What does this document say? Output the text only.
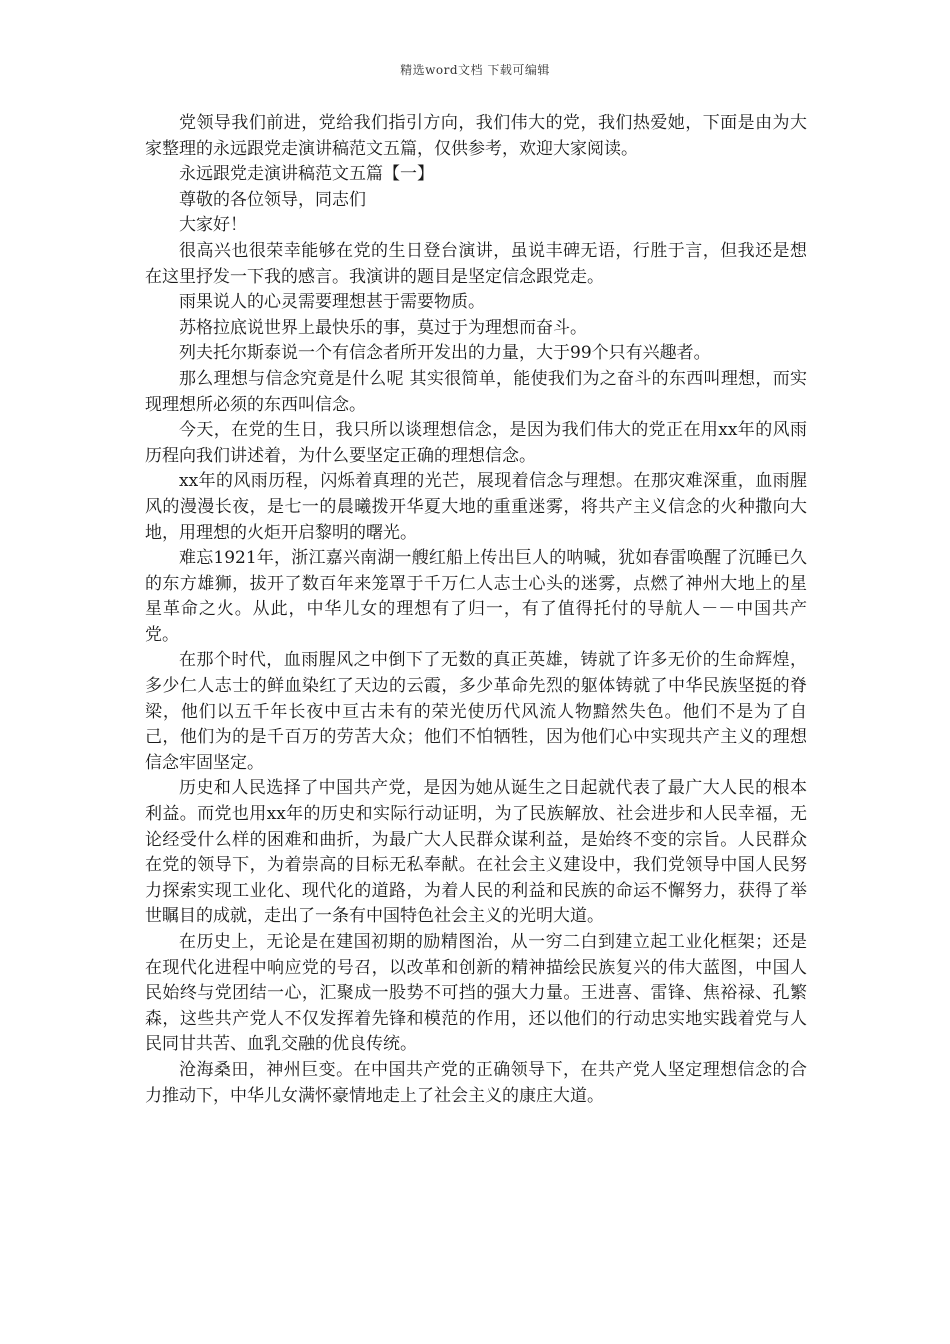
精选word文档 下载可编辑

党领导我们前进，党给我们指引方向，我们伟大的党，我们热爱她，下面是由为大家整理的永远跟党走演讲稿范文五篇，仅供参考，欢迎大家阅读。

永远跟党走演讲稿范文五篇【一】

尊敬的各位领导，同志们

大家好！

很高兴也很荣幸能够在党的生日登台演讲，虽说丰碑无语，行胜于言，但我还是想在这里抒发一下我的感言。我演讲的题目是坚定信念跟党走。

雨果说人的心灵需要理想甚于需要物质。

苏格拉底说世界上最快乐的事，莫过于为理想而奋斗。

列夫托尔斯泰说一个有信念者所开发出的力量，大于99个只有兴趣者。

那么理想与信念究竟是什么呢 其实很简单，能使我们为之奋斗的东西叫理想，而实现理想所必须的东西叫信念。

今天，在党的生日，我只所以谈理想信念，是因为我们伟大的党正在用xx年的风雨历程向我们讲述着，为什么要坚定正确的理想信念。

xx年的风雨历程，闪烁着真理的光芒，展现着信念与理想。在那灾难深重，血雨腥风的漫漫长夜，是七一的晨曦拨开华夏大地的重重迷雾，将共产主义信念的火种撒向大地，用理想的火炬开启黎明的曙光。

难忘1921年，浙江嘉兴南湖一艘红船上传出巨人的呐喊，犹如春雷唤醒了沉睡已久的东方雄狮，拔开了数百年来笼罩于千万仁人志士心头的迷雾，点燃了神州大地上的星星革命之火。从此，中华儿女的理想有了归一，有了值得托付的导航人－－中国共产党。

在那个时代，血雨腥风之中倒下了无数的真正英雄，铸就了许多无价的生命辉煌，多少仁人志士的鲜血染红了天边的云霞，多少革命先烈的躯体铸就了中华民族坚挺的脊梁，他们以五千年长夜中亘古未有的荣光使历代风流人物黯然失色。他们不是为了自己，他们为的是千百万的劳苦大众；他们不怕牺牲，因为他们心中实现共产主义的理想信念牢固坚定。

历史和人民选择了中国共产党，是因为她从诞生之日起就代表了最广大人民的根本利益。而党也用xx年的历史和实际行动证明，为了民族解放、社会进步和人民幸福，无论经受什么样的困难和曲折，为最广大人民群众谋利益，是始终不变的宗旨。人民群众在党的领导下，为着崇高的目标无私奉献。在社会主义建设中，我们党领导中国人民努力探索实现工业化、现代化的道路，为着人民的利益和民族的命运不懈努力，获得了举世瞩目的成就，走出了一条有中国特色社会主义的光明大道。

在历史上，无论是在建国初期的励精图治，从一穷二白到建立起工业化框架；还是在现代化进程中响应党的号召，以改革和创新的精神描绘民族复兴的伟大蓝图，中国人民始终与党团结一心，汇聚成一股势不可挡的强大力量。王进喜、雷锋、焦裕禄、孔繁森，这些共产党人不仅发挥着先锋和模范的作用，还以他们的行动忠实地实践着党与人民同甘共苦、血乳交融的优良传统。

沧海桑田，神州巨变。在中国共产党的正确领导下，在共产党人坚定理想信念的合力推动下，中华儿女满怀豪情地走上了社会主义的康庄大道。
